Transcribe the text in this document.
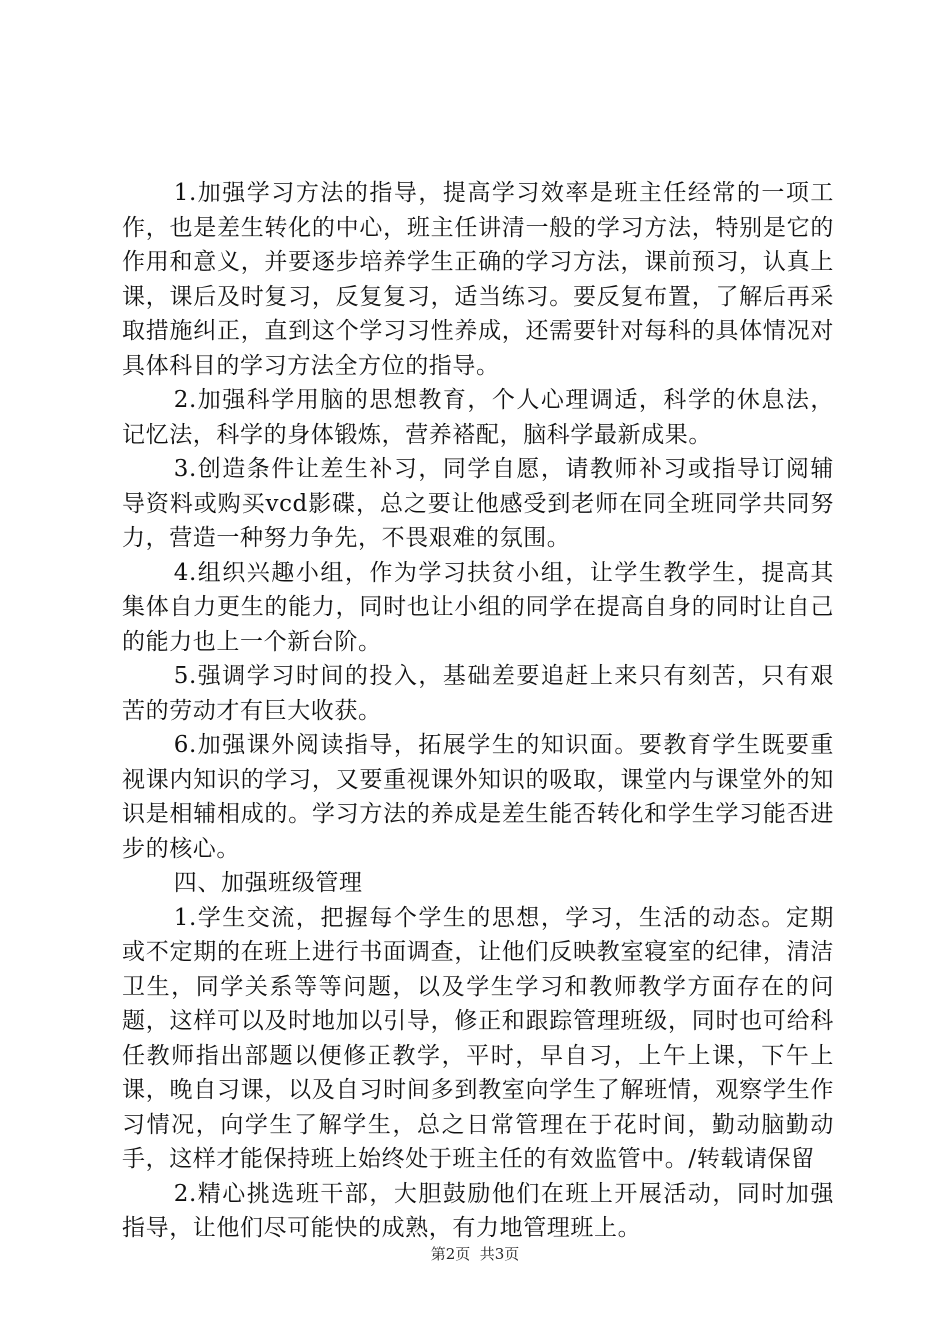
1.加强学习方法的指导，提高学习效率是班主任经常的一项工作，也是差生转化的中心，班主任讲清一般的学习方法，特别是它的作用和意义，并要逐步培养学生正确的学习方法，课前预习，认真上课，课后及时复习，反复复习，适当练习。要反复布置，了解后再采取措施纠正，直到这个学习习性养成，还需要针对每科的具体情况对具体科目的学习方法全方位的指导。

2.加强科学用脑的思想教育，个人心理调适，科学的休息法，记忆法，科学的身体锻炼，营养褡配，脑科学最新成果。

3.创造条件让差生补习，同学自愿，请教师补习或指导订阅辅导资料或购买vcd影碟，总之要让他感受到老师在同全班同学共同努力，营造一种努力争先，不畏艰难的氛围。

4.组织兴趣小组，作为学习扶贫小组，让学生教学生，提高其集体自力更生的能力，同时也让小组的同学在提高自身的同时让自己的能力也上一个新台阶。

5.强调学习时间的投入，基础差要追赶上来只有刻苦，只有艰苦的劳动才有巨大收获。

6.加强课外阅读指导，拓展学生的知识面。要教育学生既要重视课内知识的学习，又要重视课外知识的吸取，课堂内与课堂外的知识是相辅相成的。学习方法的养成是差生能否转化和学生学习能否进步的核心。

四、加强班级管理

1.学生交流，把握每个学生的思想，学习，生活的动态。定期或不定期的在班上进行书面调查，让他们反映教室寝室的纪律，清洁卫生，同学关系等等问题，以及学生学习和教师教学方面存在的问题，这样可以及时地加以引导，修正和跟踪管理班级，同时也可给科任教师指出部题以便修正教学，平时，早自习，上午上课，下午上课，晚自习课，以及自习时间多到教室向学生了解班情，观察学生作习情况，向学生了解学生，总之日常管理在于花时间，勤动脑勤动手，这样才能保持班上始终处于班主任的有效监管中。/转载请保留

2.精心挑选班干部，大胆鼓励他们在班上开展活动，同时加强指导，让他们尽可能快的成熟，有力地管理班上。

第2页  共3页
